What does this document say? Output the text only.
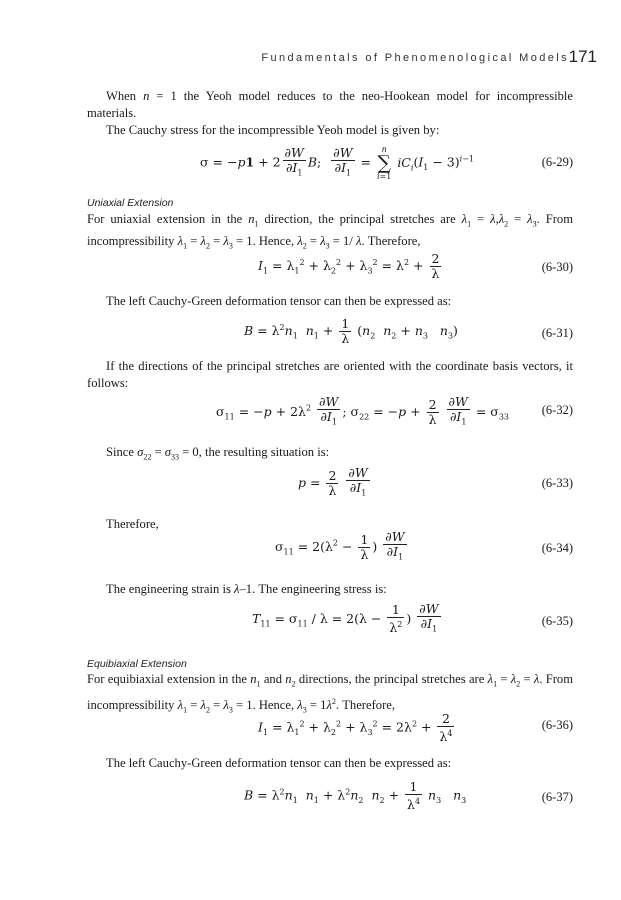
Fundamentals of Phenomenological Models 171
When n = 1 the Yeoh model reduces to the neo-Hookean model for incompressible materials.
The Cauchy stress for the incompressible Yeoh model is given by:
$\sigma = -p1 + 2 \frac{\partial W}{\partial I_1} B$; $\frac{\partial W}{\partial I_1}$ =
n
∑
i=1
$iC_i(I_1 - 3)^{i-1}$	(6-29)
Uniaxial Extension
For uniaxial extension in the $n_1$ direction, the principal stretches are $\lambda_1 = \lambda,\lambda_2 = \lambda_3$. From incompressibility $\lambda_1 = \lambda_2 = \lambda_3 = 1$. Hence, $\lambda_2 = \lambda_3 = 1/$ λ. Therefore,
$I_1 = \lambda_1^2 + \lambda_2^2 + \lambda_3^2 = \lambda^2 + \frac{2}{\lambda}$	(6-30)
The left Cauchy-Green deformation tensor can then be expressed as:
$B = \lambda^2n_1$ $n_1 + \frac{1}{\lambda} (n_2$ $n_2 + n_3$ $n_3$)	(6-31)
If the directions of the principal stretches are oriented with the coordinate basis vectors, it follows:
$\sigma_{11} = -p + 2\lambda^2 \frac{\partial W}{\partial I_1}$ ; $\sigma_{22} = -p + \frac{2}{\lambda}$
$\frac{\partial W}{\partial I_1} = \sigma_{33}$	(6-32)
Since $\sigma_{22} = \sigma_{33} = 0$, the resulting situation is:
$p = \frac{2}{\lambda}$
$\frac{\partial W}{\partial I_1}$	(6-33)
Therefore,
$\sigma_{11} = 2(\lambda^2 - \frac{1}{\lambda}$ ) $\frac{\partial W}{\partial I_1}$	(6-34)
The engineering strain is λ–1. The engineering stress is:
$T_{11} = \sigma_{11} / \lambda = 2(\lambda - \frac{1}{\lambda^2}$ ) $\frac{\partial W}{\partial I_1}$	(6-35)
Equibiaxial Extension
For equibiaxial extension in the $n_1$ and $n_2$ directions, the principal stretches are $\lambda_1 = \lambda_2 = \lambda$. From incompressibility $\lambda_1 = \lambda_2 = \lambda_3 = 1$. Hence, $\lambda_3 = 1\lambda^2$. Therefore,
$I_1 = \lambda_1^2 + \lambda_2^2 + \lambda_3^2 = 2\lambda^2 + \frac{2}{\lambda^4}$	(6-36)
The left Cauchy-Green deformation tensor can then be expressed as:
$B = \lambda^2n_1$ $n_1 + \lambda^2n_2$ $n_2 + \frac{1}{\lambda^4} n_3$ $n_3$	(6-37)
